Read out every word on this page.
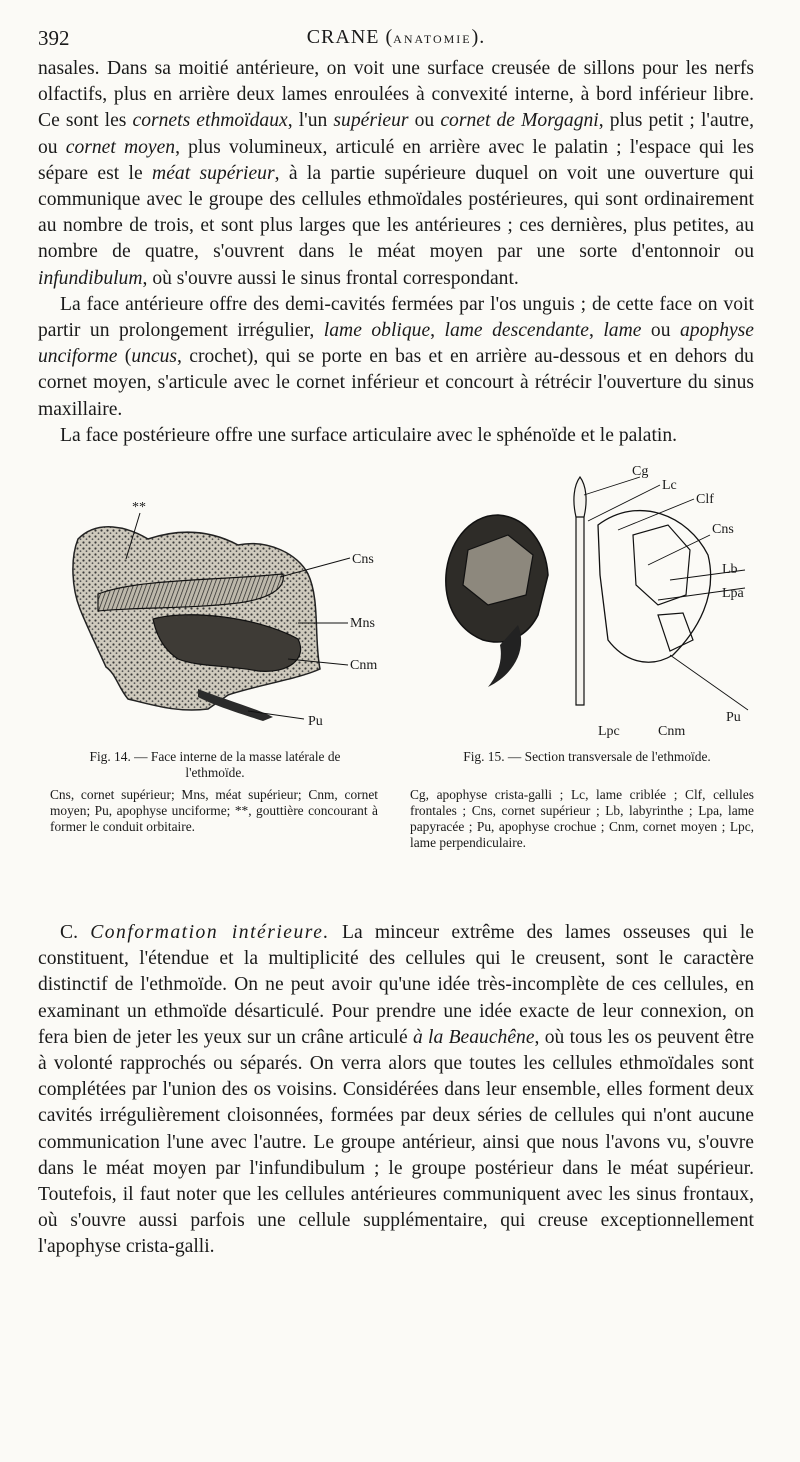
392	CRANE (ANATOMIE).

nasales. Dans sa moitié antérieure, on voit une surface creusée de sillons pour les nerfs olfactifs, plus en arrière deux lames enroulées à convexité interne, à bord inférieur libre. Ce sont les cornets ethmoïdaux, l'un supérieur ou cornet de Morgagni, plus petit ; l'autre, ou cornet moyen, plus volumineux, articulé en arrière avec le palatin ; l'espace qui les sépare est le méat supérieur, à la partie supérieure duquel on voit une ouverture qui communique avec le groupe des cellules ethmoïdales postérieures, qui sont ordinairement au nombre de trois, et sont plus larges que les antérieures ; ces dernières, plus petites, au nombre de quatre, s'ouvrent dans le méat moyen par une sorte d'entonnoir ou infundibulum, où s'ouvre aussi le sinus frontal correspondant.

La face antérieure offre des demi-cavités fermées par l'os unguis ; de cette face on voit partir un prolongement irrégulier, lame oblique, lame descendante, lame ou apophyse unciforme (uncus, crochet), qui se porte en bas et en arrière au-dessous et en dehors du cornet moyen, s'articule avec le cornet inférieur et concourt à rétrécir l'ouverture du sinus maxillaire.

La face postérieure offre une surface articulaire avec le sphénoïde et le palatin.

**
Cns
Mns
Cnm
Pu
Cg
Lc
Clf
Cns
Lb
Lpa
Pu
Lpc	Cnm
Fig. 14. — Face interne de la masse latérale de l'ethmoïde.
Fig. 15. — Section transversale de l'ethmoïde.
Cns, cornet supérieur; Mns, méat supérieur; Cnm, cornet moyen; Pu, apophyse unciforme; **, gouttière concourant à former le conduit orbitaire.
Cg, apophyse crista-galli ; Lc, lame criblée ; Clf, cellules frontales ; Cns, cornet supérieur ; Lb, labyrinthe ; Lpa, lame papyracée ; Pu, apophyse crochue ; Cnm, cornet moyen ; Lpc, lame perpendiculaire.

C. Conformation intérieure. La minceur extrême des lames osseuses qui le constituent, l'étendue et la multiplicité des cellules qui le creusent, sont le caractère distinctif de l'ethmoïde. On ne peut avoir qu'une idée très-incomplète de ces cellules, en examinant un ethmoïde désarticulé. Pour prendre une idée exacte de leur connexion, on fera bien de jeter les yeux sur un crâne articulé à la Beauchêne, où tous les os peuvent être à volonté rapprochés ou séparés. On verra alors que toutes les cellules ethmoïdales sont complétées par l'union des os voisins. Considérées dans leur ensemble, elles forment deux cavités irrégulièrement cloisonnées, formées par deux séries de cellules qui n'ont aucune communication l'une avec l'autre. Le groupe antérieur, ainsi que nous l'avons vu, s'ouvre dans le méat moyen par l'infundibulum ; le groupe postérieur dans le méat supérieur. Toutefois, il faut noter que les cellules antérieures communiquent avec les sinus frontaux, où s'ouvre aussi parfois une cellule supplémentaire, qui creuse exceptionnellement l'apophyse crista-galli.
